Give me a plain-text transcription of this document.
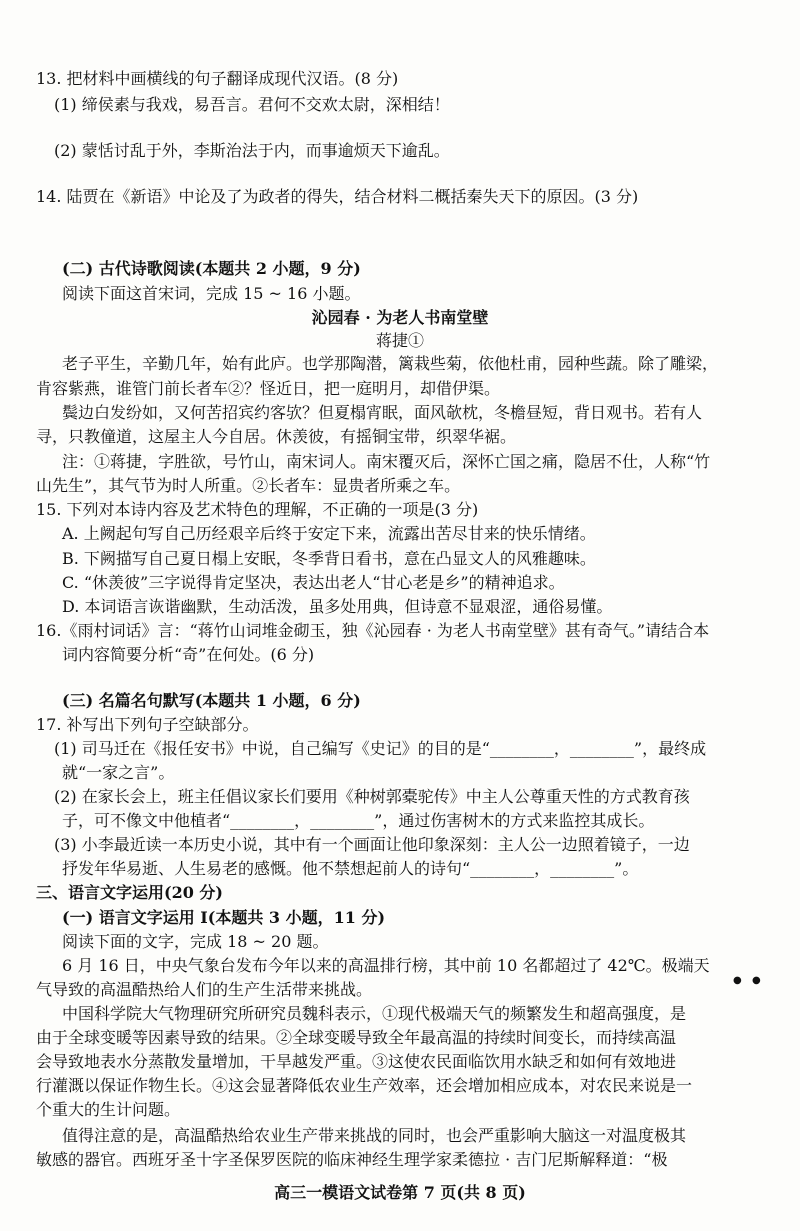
13. 把材料中画横线的句子翻译成现代汉语。(8 分)
(1) 缔侯素与我戏，易吾言。君何不交欢太尉，深相结！
(2) 蒙恬讨乱于外，李斯治法于内，而事逾烦天下逾乱。
14. 陆贾在《新语》中论及了为政者的得失，结合材料二概括秦失天下的原因。(3 分)
(二) 古代诗歌阅读(本题共 2 小题，9 分)
阅读下面这首宋词，完成 15 ~ 16 小题。
沁园春 · 为老人书南堂壁
蒋捷①
老子平生，辛勤几年，始有此庐。也学那陶潜，篱栽些菊，依他杜甫，园种些蔬。除了雕梁，
肯容紫燕，谁管门前长者车②？怪近日，把一庭明月，却借伊渠。
鬓边白发纷如，又何苦招宾约客欤？但夏榻宵眠，面风欹枕，冬檐昼短，背日观书。若有人
寻，只教僮道，这屋主人今自居。休羡彼，有摇铜宝带，织翠华裾。
注：①蒋捷，字胜欲，号竹山，南宋词人。南宋覆灭后，深怀亡国之痛，隐居不仕，人称“竹
山先生”，其气节为时人所重。②长者车：显贵者所乘之车。
15. 下列对本诗内容及艺术特色的理解，不正确的一项是(3 分)
A. 上阙起句写自己历经艰辛后终于安定下来，流露出苦尽甘来的快乐情绪。
B. 下阙描写自己夏日榻上安眠，冬季背日看书，意在凸显文人的风雅趣味。
C. “休羡彼”三字说得肯定坚决，表达出老人“甘心老是乡”的精神追求。
D. 本词语言诙谐幽默，生动活泼，虽多处用典，但诗意不显艰涩，通俗易懂。
16.《雨村词话》言：“蒋竹山词堆金砌玉，独《沁园春 · 为老人书南堂壁》甚有奇气。”请结合本
词内容简要分析“奇”在何处。(6 分)
(三) 名篇名句默写(本题共 1 小题，6 分)
17. 补写出下列句子空缺部分。
(1) 司马迁在《报任安书》中说，自己编写《史记》的目的是“________，________”，最终成
就“一家之言”。
(2) 在家长会上，班主任倡议家长们要用《种树郭橐驼传》中主人公尊重天性的方式教育孩
子，可不像文中他植者“________，________”，通过伤害树木的方式来监控其成长。
(3) 小李最近读一本历史小说，其中有一个画面让他印象深刻：主人公一边照着镜子，一边
抒发年华易逝、人生易老的感慨。他不禁想起前人的诗句“________，________”。
三、语言文字运用(20 分)
(一) 语言文字运用 Ⅰ(本题共 3 小题，11 分)
阅读下面的文字，完成 18 ~ 20 题。
6 月 16 日，中央气象台发布今年以来的高温排行榜，其中前 10 名都超过了 42℃。极端天
气导致的高温酷热给人们的生产生活带来挑战。
中国科学院大气物理研究所研究员魏科表示，①现代极端天气的频繁发生和超高强度，是
由于全球变暖等因素导致的结果。②全球变暖导致全年最高温的持续时间变长，而持续高温
会导致地表水分蒸散发量增加，干旱越发严重。③这使农民面临饮用水缺乏和如何有效地进
行灌溉以保证作物生长。④这会显著降低农业生产效率，还会增加相应成本，对农民来说是一
个重大的生计问题。
值得注意的是，高温酷热给农业生产带来挑战的同时，也会严重影响大脑这一对温度极其
敏感的器官。西班牙圣十字圣保罗医院的临床神经生理学家柔德拉 · 吉门尼斯解释道：“极
高三一模语文试卷第 7 页(共 8 页)
● ●
